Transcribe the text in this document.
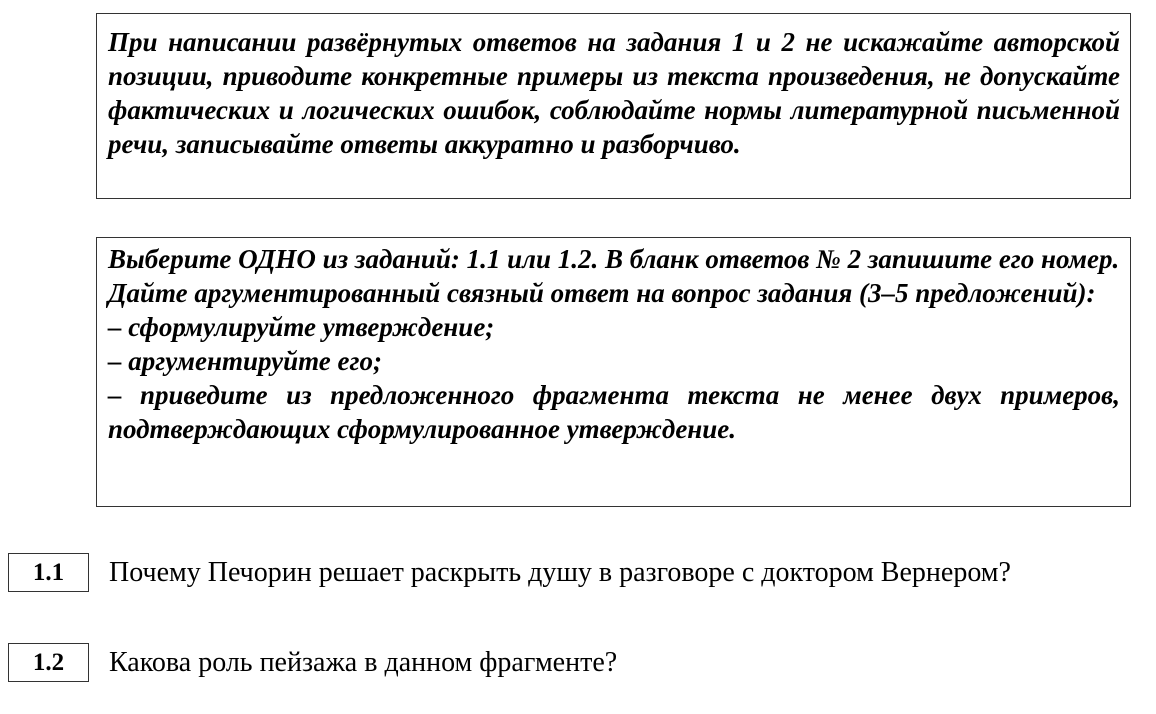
При написании развёрнутых ответов на задания 1 и 2 не искажайте авторской позиции, приводите конкретные примеры из текста произведения, не допускайте фактических и логических ошибок, соблюдайте нормы литературной письменной речи, записывайте ответы аккуратно и разборчиво.

Выберите ОДНО из заданий: 1.1 или 1.2. В бланк ответов № 2 запишите его номер.

Дайте аргументированный связный ответ на вопрос задания (3–5 предложений):

– сформулируйте утверждение;

– аргументируйте его;

– приведите из предложенного фрагмента текста не менее двух примеров, подтверждающих сформулированное утверждение.

1.1	Почему Печорин решает раскрыть душу в разговоре с доктором Вернером?
1.2	Какова роль пейзажа в данном фрагменте?
